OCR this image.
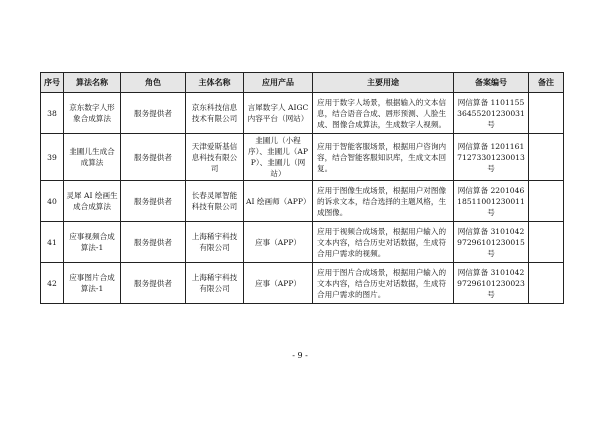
序号	算法名称	角色	主体名称	应用产品	主要用途	备案编号	备注
38	京东数字人形象合成算法	服务提供者	京东科技信息技术有限公司	言犀数字人 AIGC 内容平台（网站）	应用于数字人场景，根据输入的文本信息，结合语音合成、唇形预测、人脸生成、图像合成算法，生成数字人视频。	网信算备 110115536455201230031 号	
39	韭圃儿生成合成算法	服务提供者	天津爱斯基信息科技有限公司	韭圃儿（小程序）、韭圃儿（APP）、韭圃儿（网站）	应用于智能客服场景，根据用户咨询内容，结合智能客服知识库，生成文本回复。	网信算备 120116171273301230013 号	
40	灵犀 AI 绘画生成合成算法	服务提供者	长春灵犀智能科技有限公司	AI 绘画师（APP）	应用于图像生成场景，根据用户对图像的诉求文本，结合选择的主题风格，生成图像。	网信算备 220104618511001230011 号	
41	应事视频合成算法-1	服务提供者	上海稀宇科技有限公司	应事（APP）	应用于视频合成场景，根据用户输入的文本内容，结合历史对话数据，生成符合用户需求的视频。	网信算备 310104297296101230015 号	
42	应事图片合成算法-1	服务提供者	上海稀宇科技有限公司	应事（APP）	应用于图片合成场景，根据用户输入的文本内容，结合历史对话数据，生成符合用户需求的图片。	网信算备 310104297296101230023 号	
- 9 -
